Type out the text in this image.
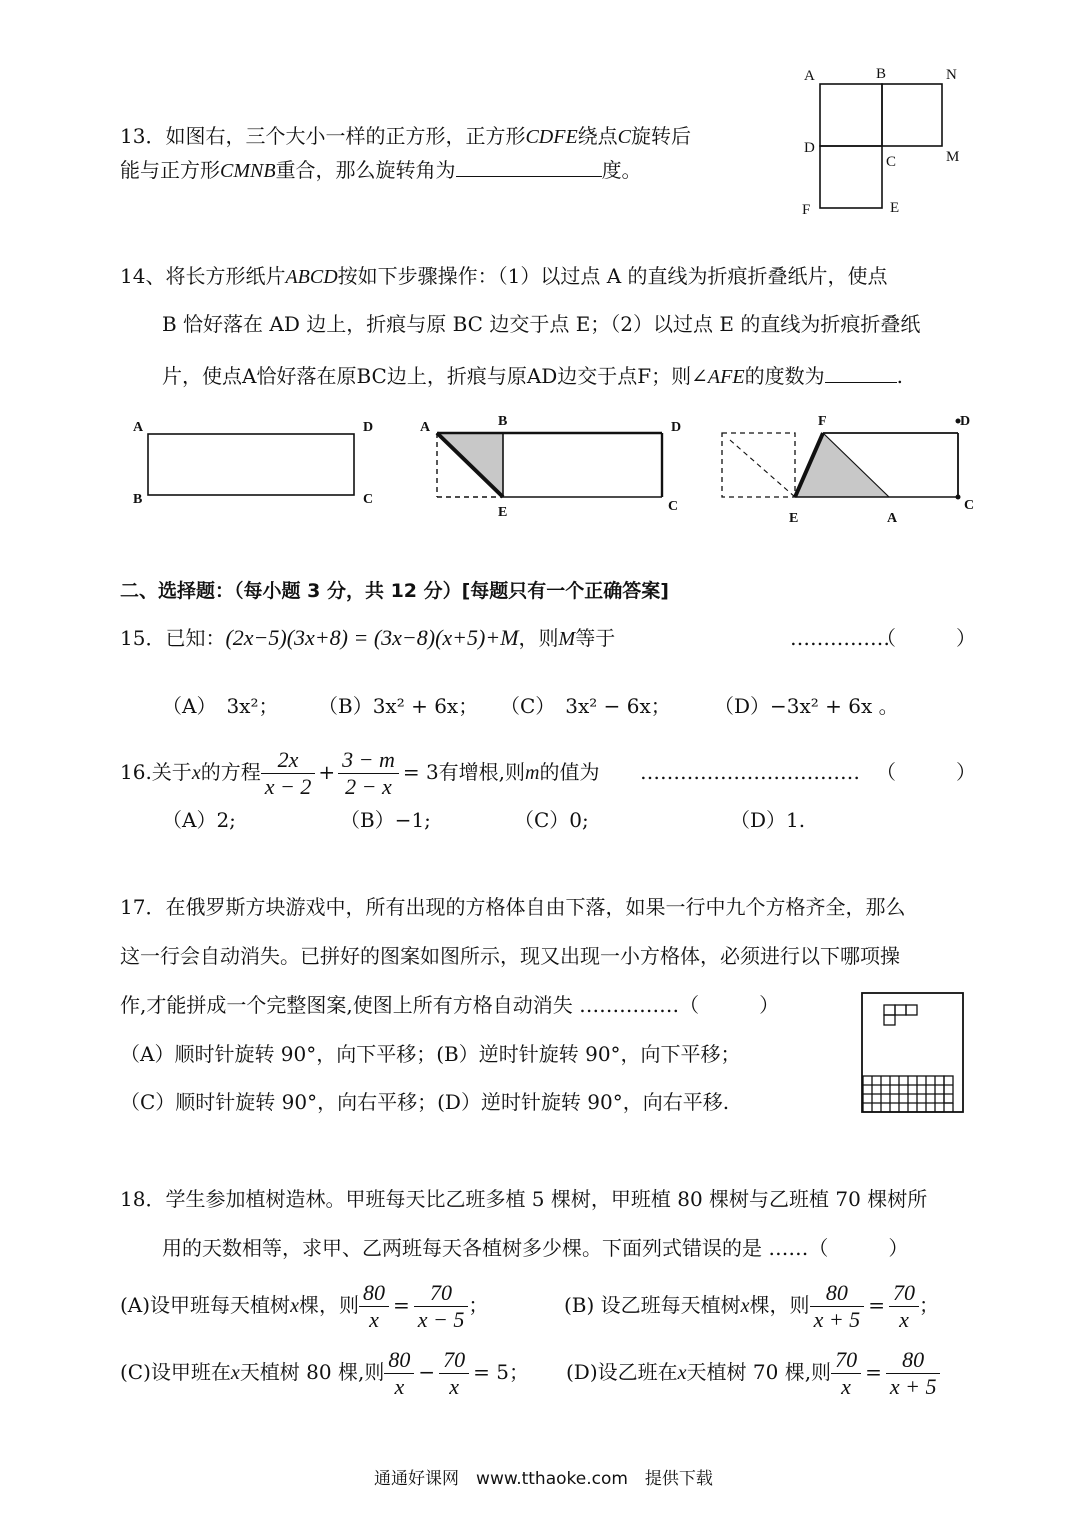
13．如图右，三个大小一样的正方形，正方形CDFE绕点C旋转后
能与正方形CMNB重合，那么旋转角为	度。
A	B	N
D
C	M
F	E
14、将长方形纸片ABCD按如下步骤操作：（1）以过点 A 的直线为折痕折叠纸片，使点
B 恰好落在 AD 边上，折痕与原 BC 边交于点 E；（2）以过点 E 的直线为折痕折叠纸
片，使点A恰好落在原BC边上，折痕与原AD边交于点F；则∠AFE的度数为	.
A	D
B	C
A	B	D
E	C
F	D
E	A
C
二、选择题：（每小题 3 分，共 12 分）[每题只有一个正确答案]
15．已知：(2x−5)(3x+8) = (3x−8)(x+5)+M，则M等于	……………
（　　　）
（A）　3x²； （B）3x² + 6x； （C）　3x² − 6x； （D）−3x² + 6x 。
16.关于x的方程 $\frac{2x}{x - 2} + \frac{3 - m}{2 - x} = 3$有增根,则m的值为 …………………………… （　　　）
（A）2;	（B）−1;	（C）0;	（D）1.
17．在俄罗斯方块游戏中，所有出现的方格体自由下落，如果一行中九个方格齐全，那么
这一行会自动消失。已拼好的图案如图所示，现又出现一小方格体，必须进行以下哪项操
作,才能拼成一个完整图案,使图上所有方格自动消失 ……………（　　　）
（A）顺时针旋转 90°，向下平移；(B）逆时针旋转 90°，向下平移；
（C）顺时针旋转 90°，向右平移；(D）逆时针旋转 90°，向右平移.
18．学生参加植树造林。甲班每天比乙班多植 5 棵树，甲班植 80 棵树与乙班植 70 棵树所
用的天数相等，求甲、乙两班每天各植树多少棵。下面列式错误的是 ……（　　　）
(A)设甲班每天植树x棵，则 $\frac{80}{x} = \frac{70}{x - 5}$ ；	(B) 设乙班每天植树x棵，则 $\frac{80}{x + 5} = \frac{70}{x}$ ；
(C)设甲班在x天植树 80 棵,则 $\frac{80}{x} - \frac{70}{x} = 5$； (D)设乙班在x天植树 70 棵,则 $\frac{70}{x} = \frac{80}{x + 5}$
通通好课网　www.tthaoke.com　提供下载
